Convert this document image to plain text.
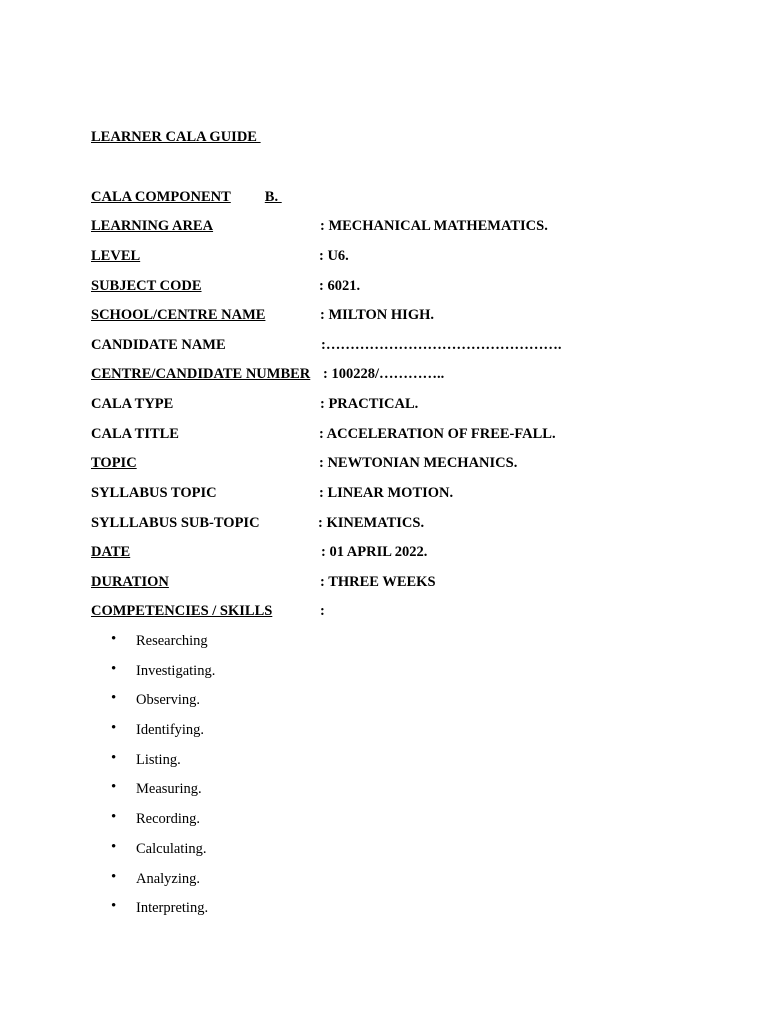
LEARNER CALA GUIDE
CALA COMPONENT B.

LEARNING AREA

	: MECHANICAL MATHEMATICS.

LEVEL

	: U6.

SUBJECT CODE

	: 6021.

SCHOOL/CENTRE NAME

	: MILTON HIGH.

CANDIDATE NAME

	:………………………………………….

CENTRE/CANDIDATE NUMBER

: 100228/…………..

CALA TYPE

	: PRACTICAL.

CALA TITLE

	: ACCELERATION OF FREE-FALL.

TOPIC

	: NEWTONIAN MECHANICS.

SYLLABUS TOPIC

	: LINEAR MOTION.

SYLLLABUS SUB-TOPIC

	: KINEMATICS.

DATE

	: 01 APRIL 2022.

DURATION

	: THREE WEEKS

COMPETENCIES / SKILLS

	:

• Researching
• Investigating.
• Observing.
• Identifying.
• Listing.
• Measuring.
• Recording.
• Calculating.
• Analyzing.
• Interpreting.
